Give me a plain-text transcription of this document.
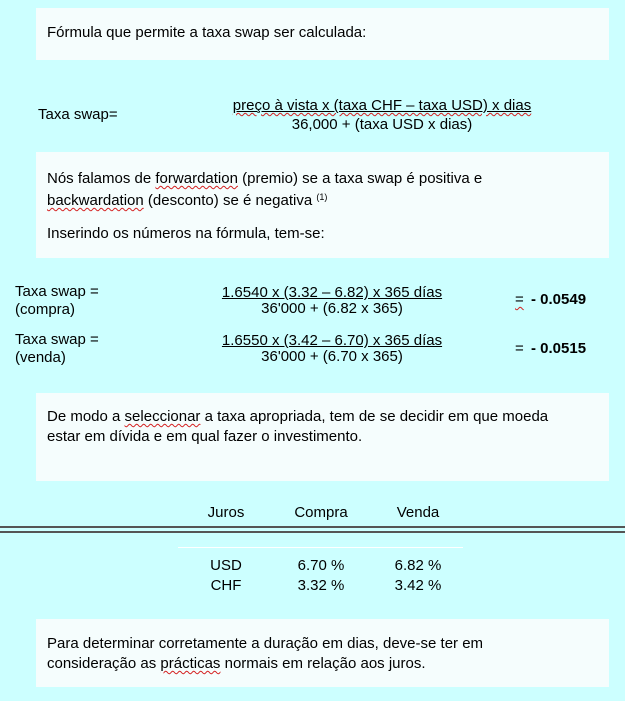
Fórmula que permite a taxa swap ser calculada:
Taxa swap=
preço à vista x (taxa CHF – taxa USD) x dias
36,000 + (taxa USD x dias)
Nós falamos de forwardation (premio) se a taxa swap é positiva e
backwardation (desconto) se é negativa $^{(1)}$
Inserindo os números na fórmula, tem-se:
Taxa swap =
(compra)
1.6540 x (3.32 – 6.82) x 365 días
36'000 + (6.82 x 365)
= - 0.0549
Taxa swap =
(venda)
1.6550 x (3.42 – 6.70) x 365 días
36'000 + (6.70 x 365)	= - 0.0515
De modo a seleccionar a taxa apropriada, tem de se decidir em que moeda
estar em dívida e em qual fazer o investimento.
Juros	Compra	Venda
USD	6.70 %	6.82 %
CHF	3.32 %	3.42 %
Para determinar corretamente a duração em dias, deve-se ter em
consideração as prácticas normais em relação aos juros.
